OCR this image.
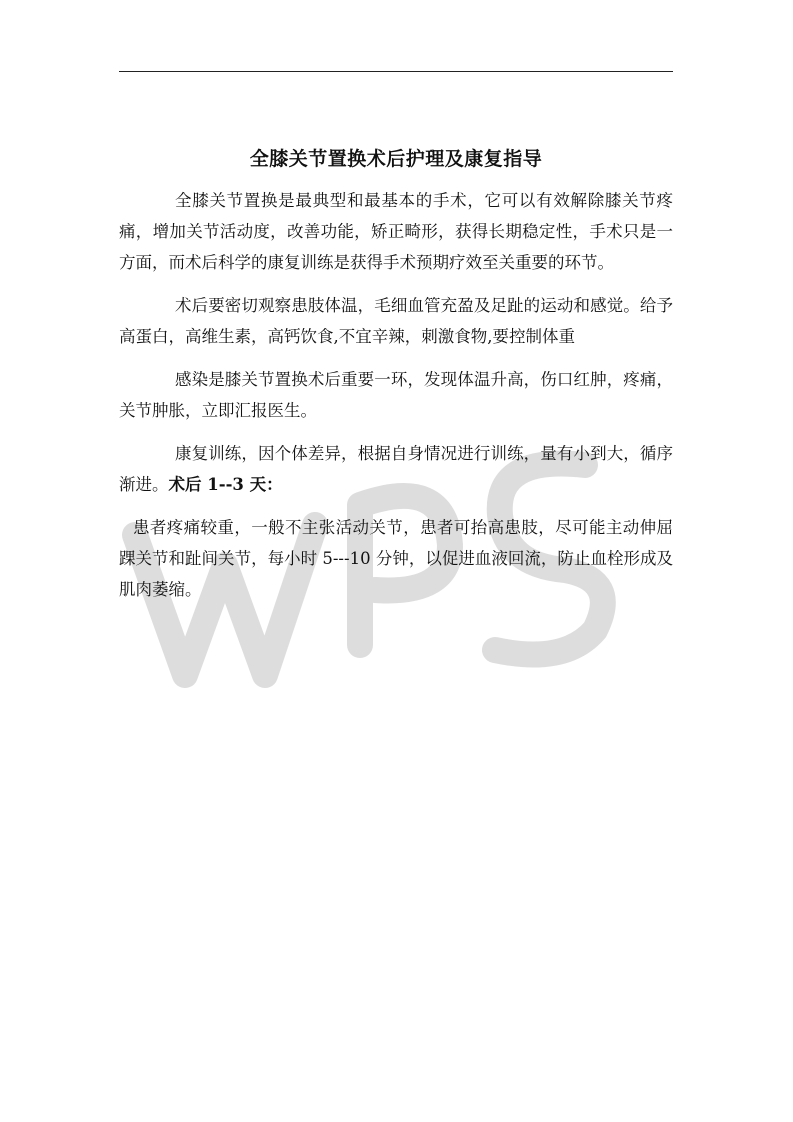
全膝关节置换术后护理及康复指导

全膝关节置换是最典型和最基本的手术，它可以有效解除膝关节疼痛，增加关节活动度，改善功能，矫正畸形，获得长期稳定性，手术只是一方面，而术后科学的康复训练是获得手术预期疗效至关重要的环节。

术后要密切观察患肢体温，毛细血管充盈及足趾的运动和感觉。给予高蛋白，高维生素，高钙饮食,不宜辛辣，刺激食物,要控制体重

感染是膝关节置换术后重要一环，发现体温升高，伤口红肿，疼痛，关节肿胀，立即汇报医生。

康复训练，因个体差异，根据自身情况进行训练，量有小到大，循序渐进。术后 1--3 天：

患者疼痛较重，一般不主张活动关节，患者可抬高患肢，尽可能主动伸屈踝关节和趾间关节，每小时 5---10 分钟，以促进血液回流，防止血栓形成及肌肉萎缩。
